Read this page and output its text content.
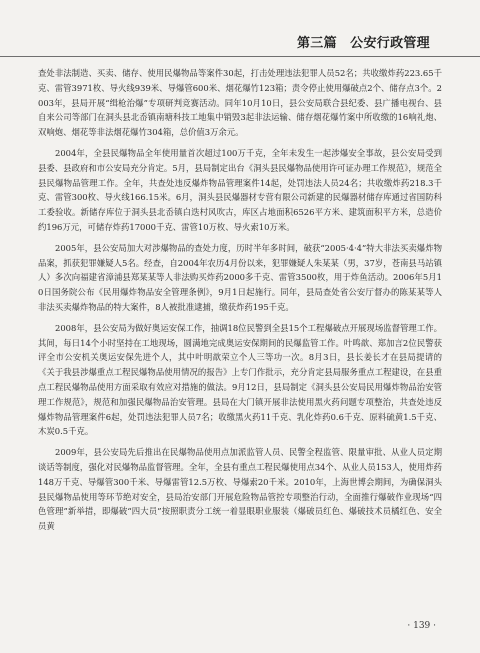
第三篇　公安行政管理

查处非法制造、买卖、储存、使用民爆物品等案件30起，打击处理违法犯罪人员52名；共收缴炸药223.65千克、雷管3971枚、导火线939米、导爆管600米、烟花爆竹123箱；责令停止使用爆破点2个、储存点3个。2003年，县局开展“缉枪治爆”专项研判竞赛活动。同年10月10日，县公安局联合县纪委、县广播电视台、县自来公司等部门在洞头县北岙镇南塘科技工地集中销毁3起非法运输、储存烟花爆竹案中所收缴的16响礼炮、双响炮、烟花等非法烟花爆竹304箱，总价值3万余元。

2004年，全县民爆物品全年使用量首次超过100万千克，全年未发生一起涉爆安全事故，县公安局受到县委、县政府和市公安局充分肯定。5月，县局制定出台《洞头县民爆物品使用许可证办理工作规范》，规范全县民爆物品管理工作。全年，共查处违反爆炸物品管理案件14起，处罚违法人员24名；共收缴炸药218.3千克、雷管300枚、导火线166.15米。6月，洞头县民爆器材专营有限公司新建的民爆器材储存库通过省国防科工委验收。新储存库位于洞头县北岙镇白迭村风吹古，库区占地面积6526平方米、建筑面积平方米，总造价约196万元，可储存炸药17000千克、雷管10万枚、导火索10万米。

2005年，县公安局加大对涉爆物品的查处力度，历时半年多时间，破获“2005·4·4”特大非法买卖爆炸物品案，抓获犯罪嫌疑人5名。经查，自2004年农历4月份以来，犯罪嫌疑人朱某某（男，37岁，苍南县马站镇人）多次向福建省漳浦县郑某某等人非法购买炸药2000多千克、雷管3500枚，用于炸鱼活动。2006年5月10日国务院公布《民用爆炸物品安全管理条例》，9月1日起施行。同年，县局查处省公安厅督办的陈某某等人非法买卖爆炸物品的特大案件，8人被批准逮捕，缴获炸药195千克。

2008年，县公安局为做好奥运安保工作，抽调18位民警到全县15个工程爆破点开展现场监督管理工作。其间，每日14个小时坚持在工地现场，圆满地完成奥运安保期间的民爆监管工作。叶鸣歆、郑加言2位民警获评全市公安机关奥运安保先进个人，其中叶明歆荣立个人三等功一次。8月3日，县长姜长才在县局提请的《关于我县涉爆重点工程民爆物品使用情况的报告》上专门作批示，充分肯定县局服务重点工程建设，在县重点工程民爆物品使用方面采取有效应对措施的做法。9月12日，县局制定《洞头县公安局民用爆炸物品治安管理工作规范》，规范和加强民爆物品治安管理。县局在大门镇开展非法使用黑火药问题专项整治，共查处违反爆炸物品管理案件6起，处罚违法犯罪人员7名；收缴黑火药11千克、乳化炸药0.6千克、原料硫黄1.5千克、木炭0.5千克。

2009年，县公安局先后推出在民爆物品使用点加派监管人员、民警全程监管、限量审批、从业人员定期谈话等制度，强化对民爆物品监督管理。全年，全县有重点工程民爆使用点34个、从业人员153人，使用炸药148万千克、导爆管300千米、导爆雷管12.5万枚、导爆索20千米。2010年，上海世博会期间，为确保洞头县民爆物品使用等环节绝对安全，县局治安部门开展危险物品管控专项整治行动，全面推行爆破作业现场“四色管理”新举措，即爆破“四大员”按照职责分工统一着显眼职业服装（爆破员红色、爆破技术员橘红色、安全员黄

· 139 ·
